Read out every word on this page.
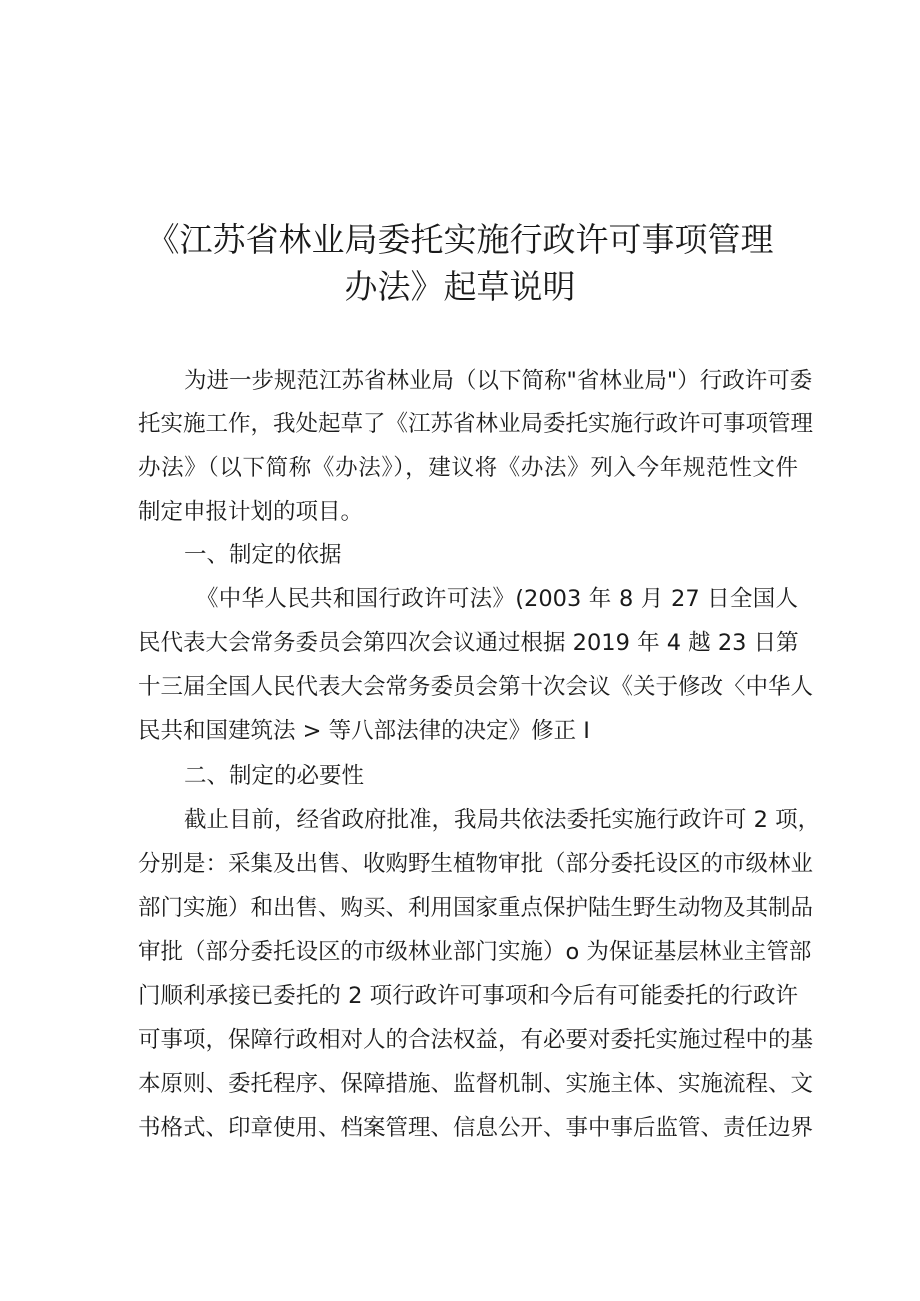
《江苏省林业局委托实施行政许可事项管理
办法》起草说明

为进一步规范江苏省林业局（以下简称"省林业局"）行政许可委

托实施工作，我处起草了《江苏省林业局委托实施行政许可事项管理

办法》（以下简称《办法》），建议将《办法》列入今年规范性文件

制定申报计划的项目。

一、制定的依据

《中华人民共和国行政许可法》(2003 年 8 月 27 日全国人

民代表大会常务委员会第四次会议通过根据 2019 年 4 越 23 日第

十三届全国人民代表大会常务委员会第十次会议《关于修改〈中华人

民共和国建筑法 > 等八部法律的决定》修正 I

二、制定的必要性

截止目前，经省政府批准，我局共依法委托实施行政许可 2 项，

分别是：采集及出售、收购野生植物审批（部分委托设区的市级林业

部门实施）和出售、购买、利用国家重点保护陆生野生动物及其制品

审批（部分委托设区的市级林业部门实施）o 为保证基层林业主管部

门顺利承接已委托的 2 项行政许可事项和今后有可能委托的行政许

可事项，保障行政相对人的合法权益，有必要对委托实施过程中的基

本原则、委托程序、保障措施、监督机制、实施主体、实施流程、文

书格式、印章使用、档案管理、信息公开、事中事后监管、责任边界
